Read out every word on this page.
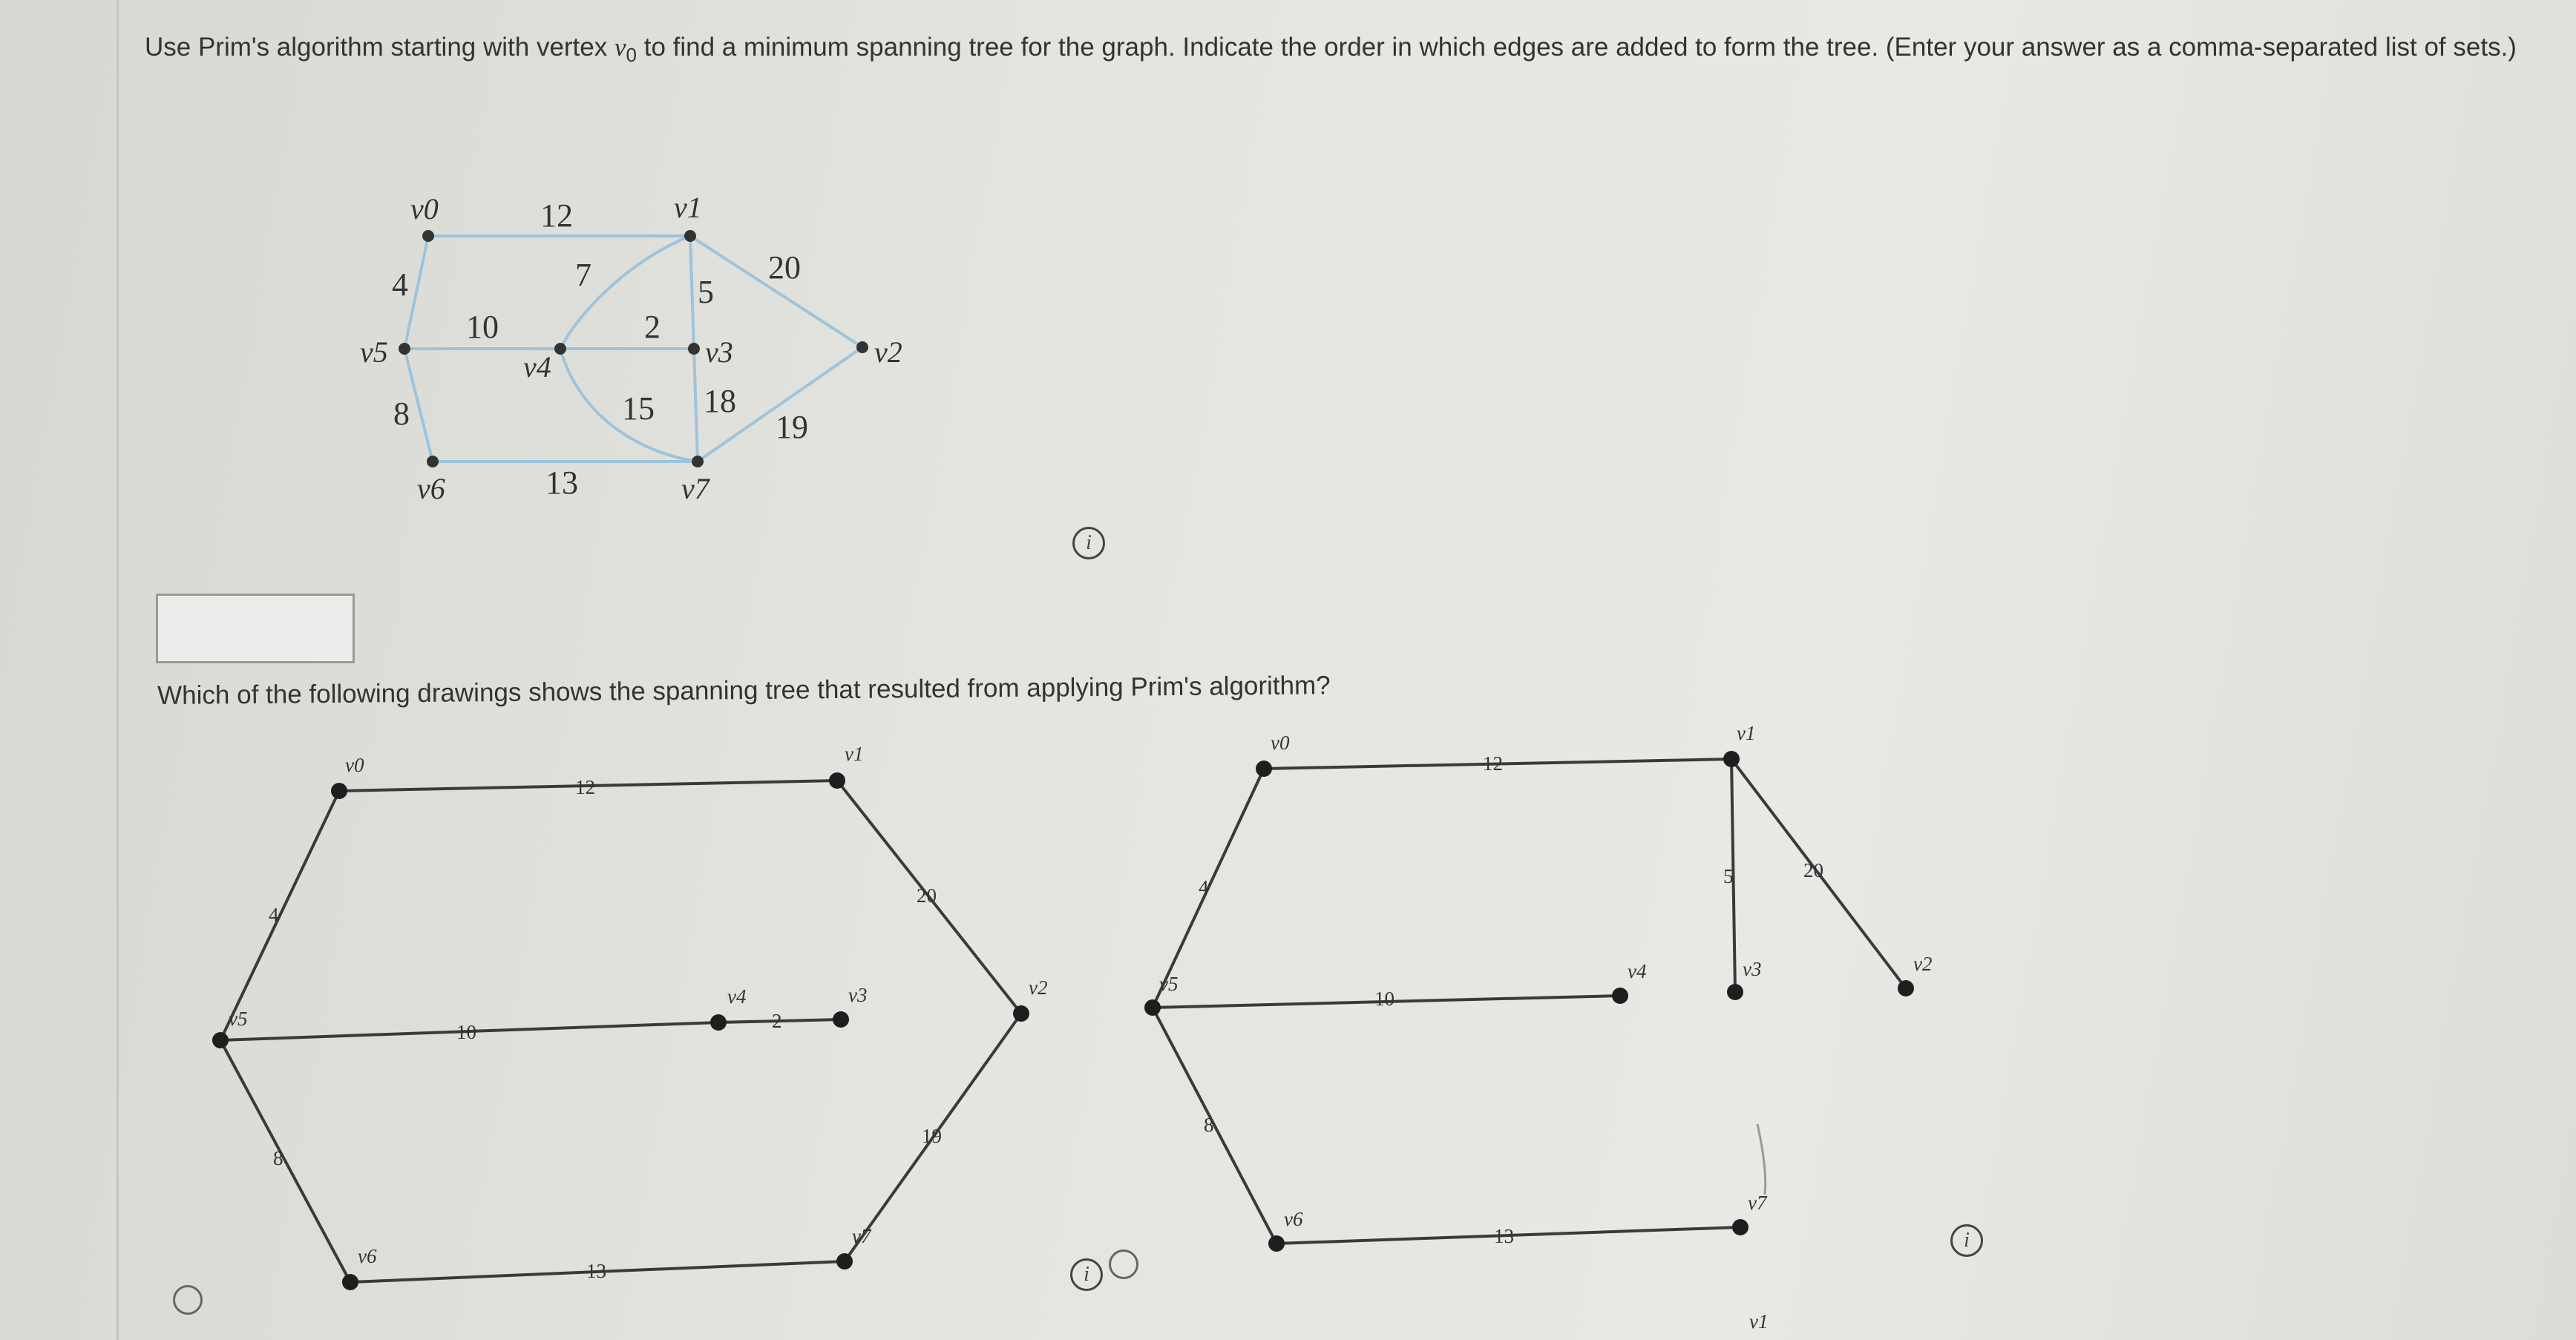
Use Prim's algorithm starting with vertex $v_0$ to find a minimum spanning tree for the graph. Indicate the order in which edges are added to form the tree. (Enter your answer as a comma-separated list of sets.)
v0	v1
v2
v3
v4
v5
v6	v7
12
4
10
8
13
7
15
2
5
18
20
19
v0	v1
v5
v4	v3	v2
v6
v7
12
4
10	2
20
8
19
13
v0	v1
v5
v4	v3	v2
v6
v7
v1
12
4	5	20
10
8
13
i
Which of the following drawings shows the spanning tree that resulted from applying Prim's algorithm?
i
i
